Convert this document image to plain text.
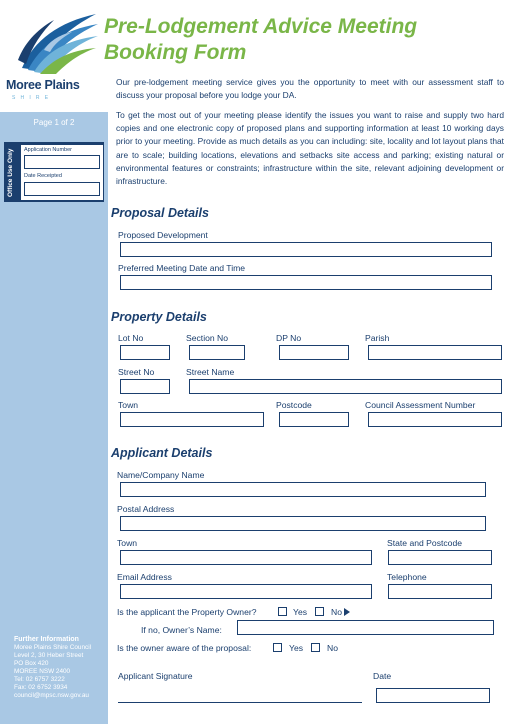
Moree Plains
SHIRE
Page 1 of 2
Office Use Only	Application Number
Date Receipted
Further Information
Moree Plains Shire Council
Level 2, 30 Heber Street
PO Box 420
MOREE NSW 2400
Tel: 02 6757 3222
Fax: 02 6752 3934
council@mpsc.nsw.gov.au
Pre-Lodgement Advice Meeting
Booking Form
Our pre-lodgement meeting service gives you the opportunity to meet with our assessment staff to discuss your proposal before you lodge your DA.
To get the most out of your meeting please identify the issues you want to raise and supply two hard copies and one electronic copy of proposed plans and supporting information at least 10 working days prior to your meeting. Provide as much details as you can including: site, locality and lot layout plans that are to scale; building locations, elevations and setbacks site access and parking; existing natural or environmental features or constraints; infrastructure within the site, relevant adjoining development or infrastructure.
Proposal Details
Proposed Development
Preferred Meeting Date and Time
Property Details
Lot No	Section No	DP No	Parish
Street No	Street Name
Town	Postcode	Council Assessment Number
Applicant Details
Name/Company Name
Postal Address
Town	State and Postcode
Email Address	Telephone
Is the applicant the Property Owner?	Yes	No
If no, Owner’s Name:
Is the owner aware of the proposal:	Yes	No
Applicant Signature	Date
